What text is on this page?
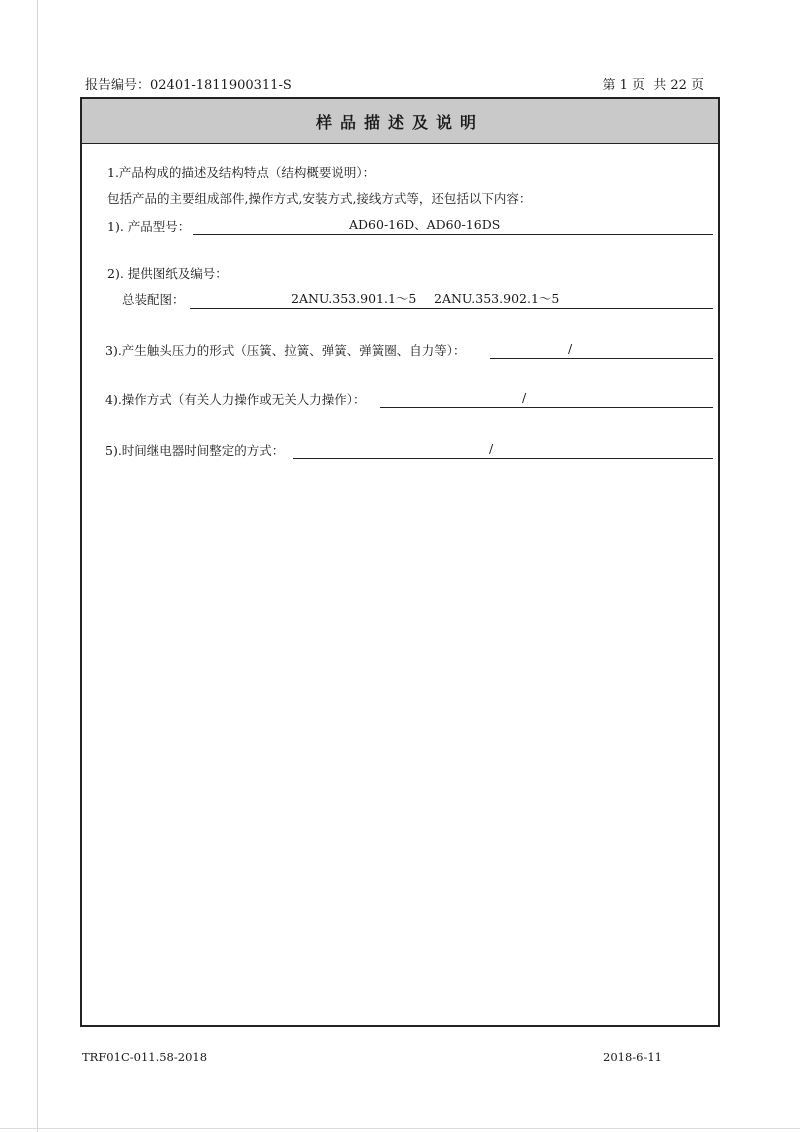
报告编号：02401-1811900311-S	第 1 页 共 22 页
样品描述及说明
1.产品构成的描述及结构特点（结构概要说明）：
包括产品的主要组成部件,操作方式,安装方式,接线方式等，还包括以下内容：
1). 产品型号：	AD60-16D、AD60-16DS
2). 提供图纸及编号：
总装配图：	2ANU.353.901.1～5 2ANU.353.902.1～5
3).产生触头压力的形式（压簧、拉簧、弹簧、弹簧圈、自力等）：	/
4).操作方式（有关人力操作或无关人力操作）：	/
5).时间继电器时间整定的方式：	/
TRF01C-011.58-2018	2018-6-11
